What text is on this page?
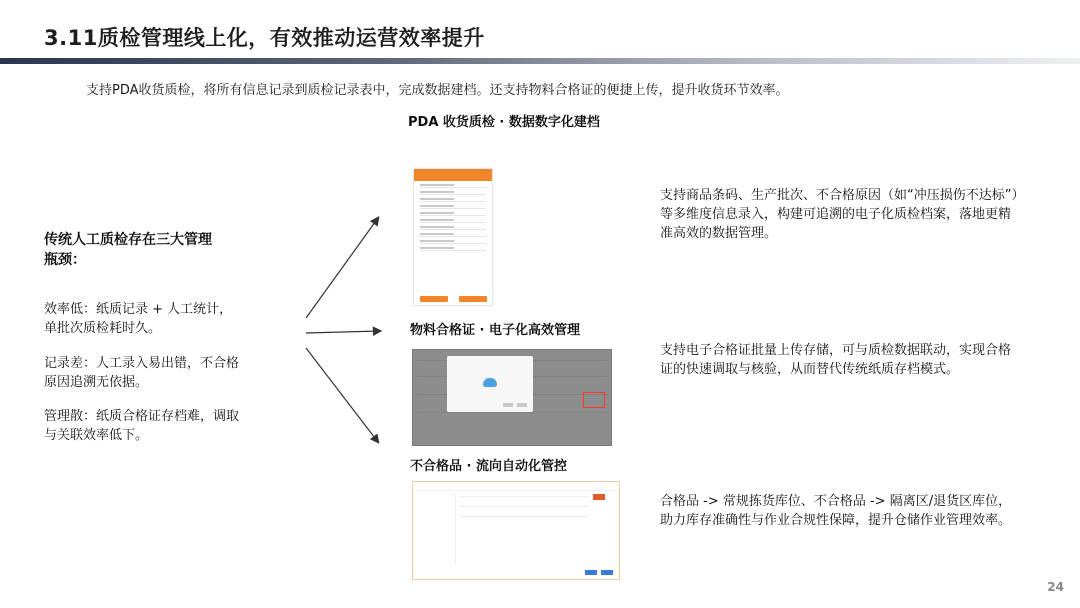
3.11质检管理线上化，有效推动运营效率提升
支持PDA收货质检，将所有信息记录到质检记录表中，完成数据建档。还支持物料合格证的便捷上传，提升收货环节效率。
PDA 收货质检 · 数据数字化建档
传统人工质检存在三大管理瓶颈：
效率低：纸质记录 + 人工统计，单批次质检耗时久。
记录差：人工录入易出错，不合格原因追溯无依据。
管理散：纸质合格证存档难，调取与关联效率低下。
物料合格证 · 电子化高效管理
不合格品 · 流向自动化管控
支持商品条码、生产批次、不合格原因（如“冲压损伤不达标”）等多维度信息录入，构建可追溯的电子化质检档案，落地更精准高效的数据管理。
支持电子合格证批量上传存储，可与质检数据联动，实现合格证的快速调取与核验，从而替代传统纸质存档模式。
合格品 -> 常规拣货库位、不合格品 -> 隔离区/退货区库位，助力库存准确性与作业合规性保障，提升仓储作业管理效率。
24
